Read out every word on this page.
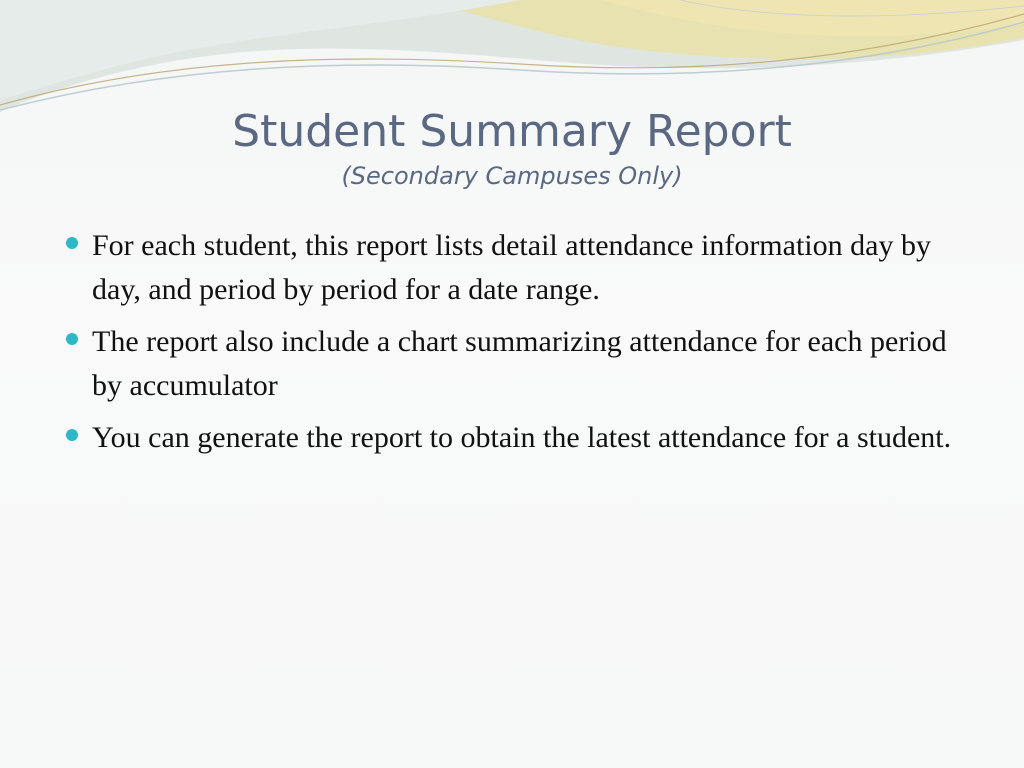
Student Summary Report
(Secondary Campuses Only)
For each student, this report lists detail attendance information day by day, and period by period for a date range.
The report also include a chart summarizing attendance for each period by accumulator
You can generate the report to obtain the latest attendance for a student.
